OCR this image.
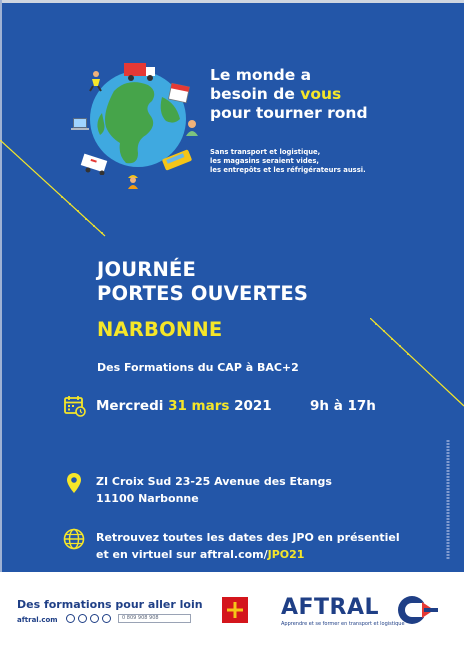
Le monde a
besoin de vous
pour tourner rond
Sans transport et logistique,
les magasins seraient vides,
les entrepôts et les réfrigérateurs aussi.
JOURNÉE
PORTES OUVERTES
NARBONNE
Des Formations du CAP à BAC+2
Mercredi 31 mars 2021	9h à 17h
ZI Croix Sud 23-25 Avenue des Etangs
11100 Narbonne
Retrouvez toutes les dates des JPO en présentiel
et en virtuel sur aftral.com/JPO21
Des formations pour aller loin
aftral.com	0 809 908 908	AFTRAL
Apprendre et se former en transport et logistique
